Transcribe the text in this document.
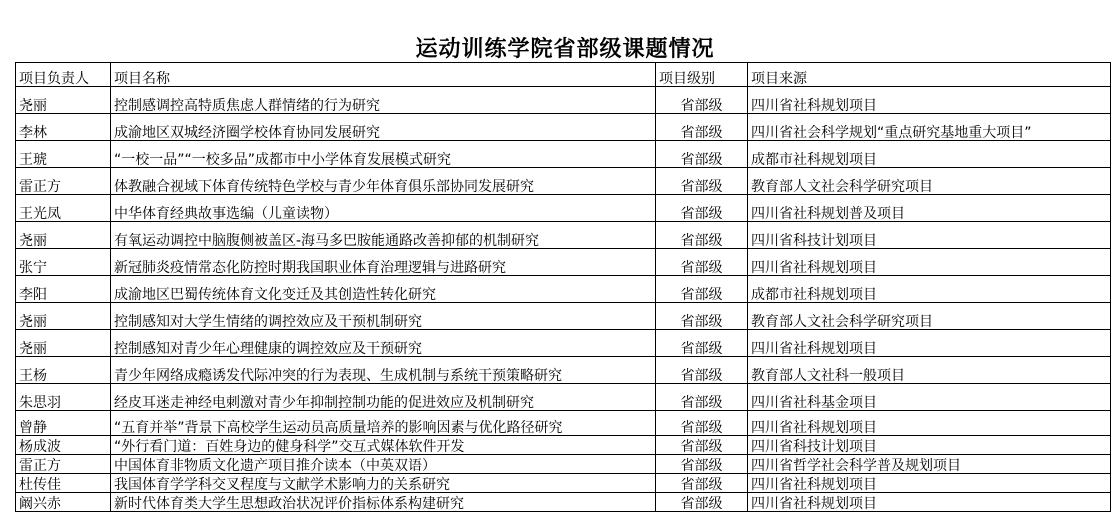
运动训练学院省部级课题情况
项目负责人	项目名称	项目级别	项目来源
尧丽	控制感调控高特质焦虑人群情绪的行为研究	省部级	四川省社科规划项目
李林	成渝地区双城经济圈学校体育协同发展研究	省部级	四川省社会科学规划“重点研究基地重大项目”
王琥	“一校一品”“一校多品”成都市中小学体育发展模式研究	省部级	成都市社科规划项目
雷正方	体教融合视域下体育传统特色学校与青少年体育俱乐部协同发展研究	省部级	教育部人文社会科学研究项目
王光凤	中华体育经典故事选编（儿童读物）	省部级	四川省社科规划普及项目
尧丽	有氧运动调控中脑腹侧被盖区-海马多巴胺能通路改善抑郁的机制研究	省部级	四川省科技计划项目
张宁	新冠肺炎疫情常态化防控时期我国职业体育治理逻辑与进路研究	省部级	四川省社科规划项目
李阳	成渝地区巴蜀传统体育文化变迁及其创造性转化研究	省部级	成都市社科规划项目
尧丽	控制感知对大学生情绪的调控效应及干预机制研究	省部级	教育部人文社会科学研究项目
尧丽	控制感知对青少年心理健康的调控效应及干预研究	省部级	四川省社科规划项目
王杨	青少年网络成瘾诱发代际冲突的行为表现、生成机制与系统干预策略研究	省部级	教育部人文社科一般项目
朱思羽	经皮耳迷走神经电刺激对青少年抑制控制功能的促进效应及机制研究	省部级	四川省社科基金项目
曾静	“五育并举”背景下高校学生运动员高质量培养的影响因素与优化路径研究	省部级	四川省社科规划项目
杨成波	“外行看门道：百姓身边的健身科学”交互式媒体软件开发	省部级	四川省科技计划项目
雷正方	中国体育非物质文化遗产项目推介读本（中英双语）	省部级	四川省哲学社会科学普及规划项目
杜传佳	我国体育学学科交叉程度与文献学术影响力的关系研究	省部级	四川省社科规划项目
阚兴赤	新时代体育类大学生思想政治状况评价指标体系构建研究	省部级	四川省社科规划项目
